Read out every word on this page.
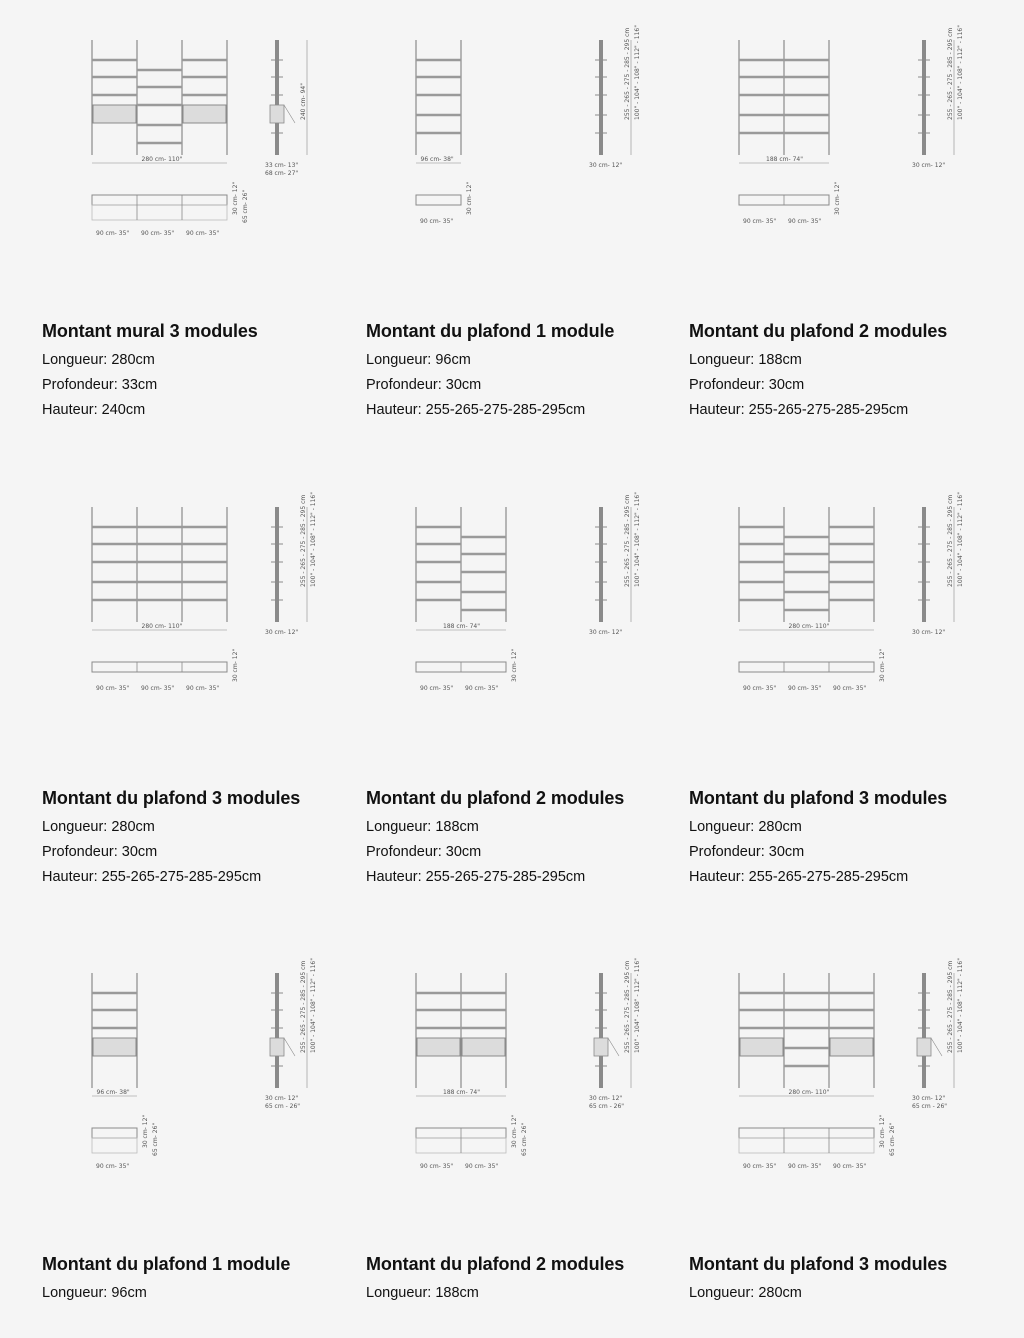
280 cm- 110"
240 cm- 94"
33 cm- 13"
68 cm- 27"
90 cm- 35" 90 cm- 35" 90 cm- 35"
30 cm- 12" 65 cm- 26"
Montant mural 3 modules

Longueur: 280cm

Profondeur: 33cm

Hauteur: 240cm

96 cm- 38"
255 - 265 - 275 - 285 - 295 cm 100" - 104" - 108" - 112" - 116"
30 cm- 12"
90 cm- 35"
30 cm- 12"
Montant du plafond 1 module

Longueur: 96cm

Profondeur: 30cm

Hauteur: 255-265-275-285-295cm

188 cm- 74"
255 - 265 - 275 - 285 - 295 cm 100" - 104" - 108" - 112" - 116"
30 cm- 12"
90 cm- 35" 90 cm- 35"
30 cm- 12"
Montant du plafond 2 modules

Longueur: 188cm

Profondeur: 30cm

Hauteur: 255-265-275-285-295cm

280 cm- 110"
255 - 265 - 275 - 285 - 295 cm 100" - 104" - 108" - 112" - 116"
30 cm- 12"
90 cm- 35" 90 cm- 35" 90 cm- 35"
30 cm- 12"
Montant du plafond 3 modules

Longueur: 280cm

Profondeur: 30cm

Hauteur: 255-265-275-285-295cm

188 cm- 74"
255 - 265 - 275 - 285 - 295 cm 100" - 104" - 108" - 112" - 116"
30 cm- 12"
90 cm- 35" 90 cm- 35"
30 cm- 12"
Montant du plafond 2 modules

Longueur: 188cm

Profondeur: 30cm

Hauteur: 255-265-275-285-295cm

280 cm- 110"
255 - 265 - 275 - 285 - 295 cm 100" - 104" - 108" - 112" - 116"
30 cm- 12"
90 cm- 35" 90 cm- 35" 90 cm- 35"
30 cm- 12"
Montant du plafond 3 modules

Longueur: 280cm

Profondeur: 30cm

Hauteur: 255-265-275-285-295cm

96 cm- 38"
255 - 265 - 275 - 285 - 295 cm 100" - 104" - 108" - 112" - 116"
30 cm- 12"
65 cm - 26"
90 cm- 35"
30 cm- 12" 65 cm- 26"
Montant du plafond 1 module

Longueur: 96cm

188 cm- 74"
255 - 265 - 275 - 285 - 295 cm 100" - 104" - 108" - 112" - 116"
30 cm- 12"
65 cm - 26"
90 cm- 35" 90 cm- 35"
30 cm- 12" 65 cm- 26"
Montant du plafond 2 modules

Longueur: 188cm

280 cm- 110"
255 - 265 - 275 - 285 - 295 cm 100" - 104" - 108" - 112" - 116"
30 cm- 12"
65 cm - 26"
90 cm- 35" 90 cm- 35" 90 cm- 35"
30 cm- 12" 65 cm- 26"
Montant du plafond 3 modules

Longueur: 280cm
